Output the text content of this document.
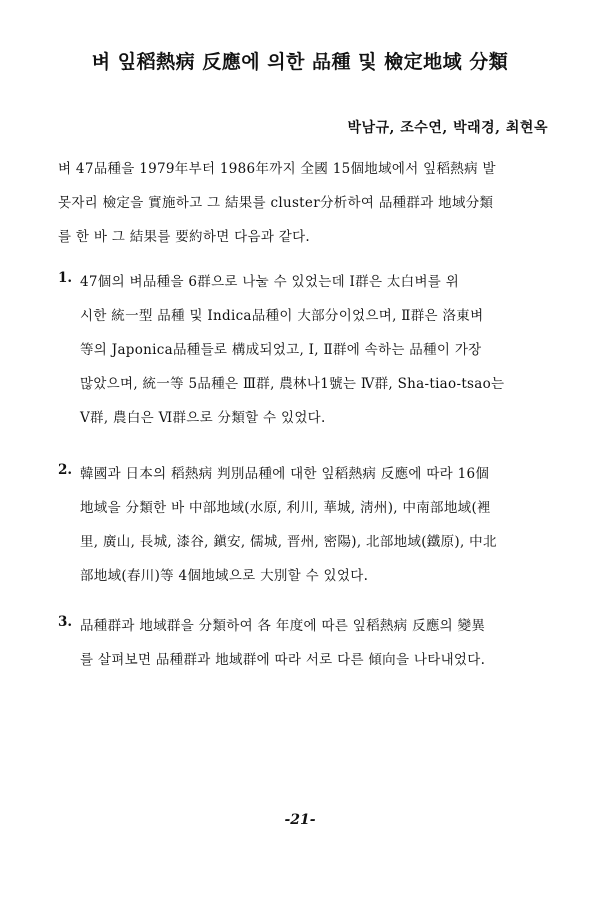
벼 잎稻熱病 反應에 의한 品種 및 檢定地域 分類
박남규, 조수연, 박래경, 최현옥
벼 47品種을 1979年부터 1986年까지 全國 15個地域에서 잎稻熱病 발
못자리 檢定을 實施하고 그 結果를 cluster分析하여 品種群과 地域分類
를 한 바 그 結果를 要約하면 다음과 같다.
1. 47個의 벼品種을 6群으로 나눌 수 있었는데 Ⅰ群은 太白벼를 위
시한 統一型 品種 및 Indica品種이 大部分이었으며, Ⅱ群은 洛東벼
等의 Japonica品種들로 構成되었고, Ⅰ, Ⅱ群에 속하는 品種이 가장
많았으며, 統一等 5品種은 Ⅲ群, 農林나1號는 Ⅳ群, Sha-tiao-tsao는
Ⅴ群, 農白은 Ⅵ群으로 分類할 수 있었다.
2. 韓國과 日本의 稻熱病 判別品種에 대한 잎稻熱病 反應에 따라 16個
地域을 分類한 바 中部地域(水原, 利川, 華城, 淸州), 中南部地域(裡
里, 廣山, 長城, 漆谷, 鎭安, 儒城, 晋州, 密陽), 北部地域(鐵原), 中北
部地域(春川)等 4個地域으로 大別할 수 있었다.
3. 品種群과 地域群을 分類하여 各 年度에 따른 잎稻熱病 反應의 變異
를 살펴보면 品種群과 地域群에 따라 서로 다른 傾向을 나타내었다.
-21-
